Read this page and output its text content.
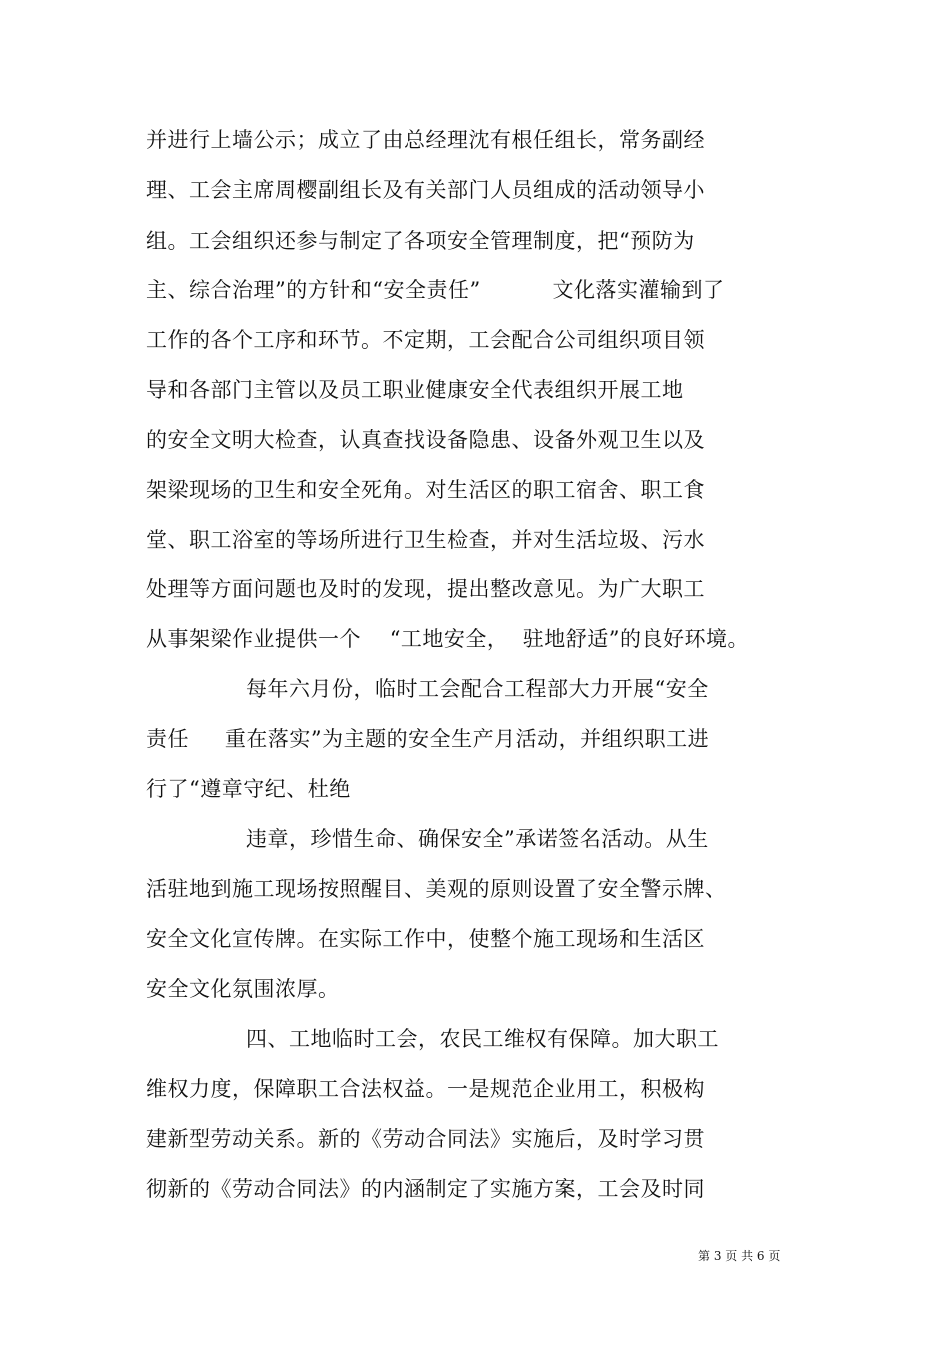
并进行上墙公示；成立了由总经理沈有根任组长，常务副经
理、工会主席周樱副组长及有关部门人员组成的活动领导小
组。工会组织还参与制定了各项安全管理制度，把“预防为
主、综合治理”的方针和“安全责任”          文化落实灌输到了
工作的各个工序和环节。不定期，工会配合公司组织项目领
导和各部门主管以及员工职业健康安全代表组织开展工地
的安全文明大检查，认真查找设备隐患、设备外观卫生以及
架梁现场的卫生和安全死角。对生活区的职工宿舍、职工食
堂、职工浴室的等场所进行卫生检查，并对生活垃圾、污水
处理等方面问题也及时的发现，提出整改意见。为广大职工
从事架梁作业提供一个    “工地安全，  驻地舒适”的良好环境。
每年六月份，临时工会配合工程部大力开展“安全
责任     重在落实”为主题的安全生产月活动，并组织职工进
行了“遵章守纪、杜绝
违章，珍惜生命、确保安全”承诺签名活动。从生
活驻地到施工现场按照醒目、美观的原则设置了安全警示牌、
安全文化宣传牌。在实际工作中，使整个施工现场和生活区
安全文化氛围浓厚。
四、工地临时工会，农民工维权有保障。加大职工
维权力度，保障职工合法权益。一是规范企业用工，积极构
建新型劳动关系。新的《劳动合同法》实施后，及时学习贯
彻新的《劳动合同法》的内涵制定了实施方案，工会及时同
第 3 页 共 6 页
